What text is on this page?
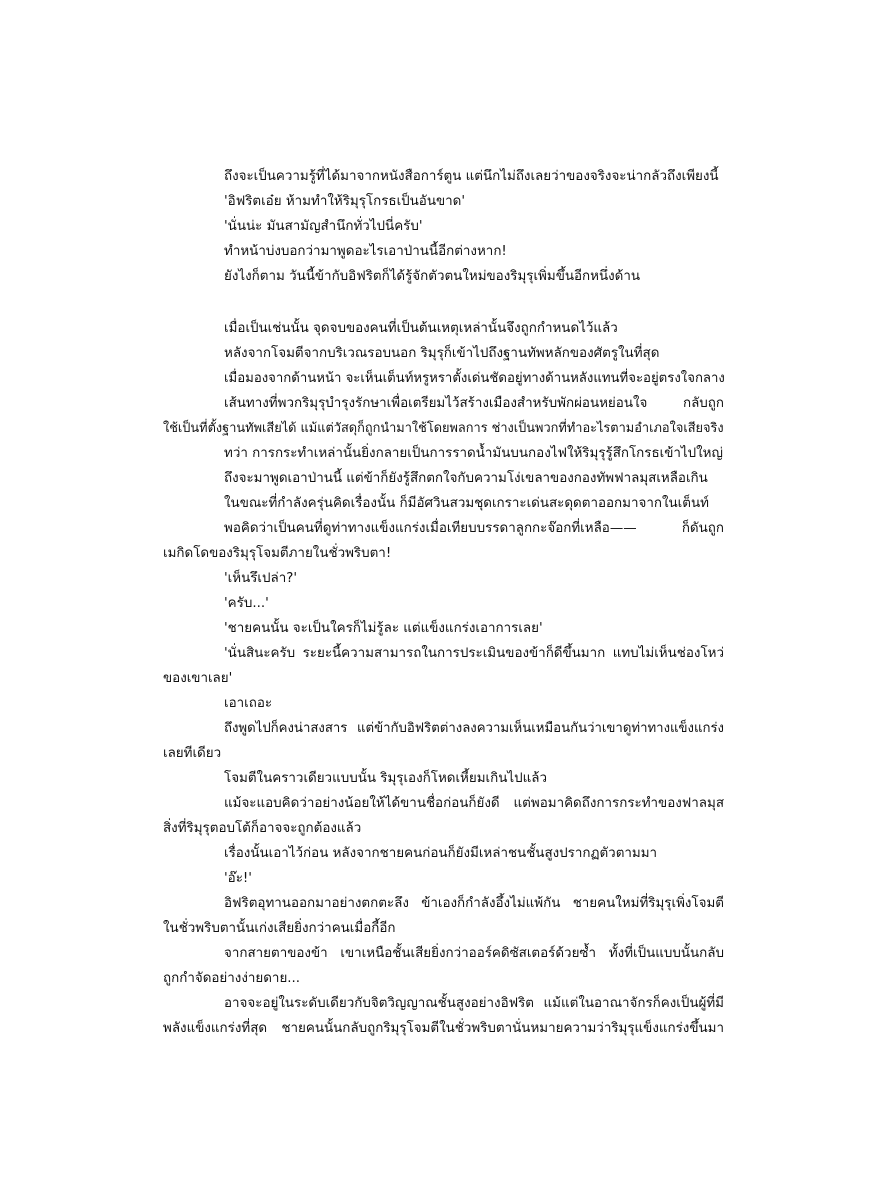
ถึงจะเป็นความรู้ที่ได้มาจากหนังสือการ์ตูน แต่นึกไม่ถึงเลยว่าของจริงจะน่ากลัวถึงเพียงนี้
'อิฟริตเอ๋ย ห้ามทำให้ริมุรุโกรธเป็นอันขาด'
'นั่นน่ะ มันสามัญสำนึกทั่วไปนี่ครับ'
ทำหน้าบ่งบอกว่ามาพูดอะไรเอาป่านนี้อีกต่างหาก!
ยังไงก็ตาม วันนี้ข้ากับอิฟริตก็ได้รู้จักตัวตนใหม่ของริมุรุเพิ่มขึ้นอีกหนึ่งด้าน
เมื่อเป็นเช่นนั้น จุดจบของคนที่เป็นต้นเหตุเหล่านั้นจึงถูกกำหนดไว้แล้ว
หลังจากโจมตีจากบริเวณรอบนอก ริมุรุก็เข้าไปถึงฐานทัพหลักของศัตรูในที่สุด
เมื่อมองจากด้านหน้า จะเห็นเต็นท์หรูหราตั้งเด่นชัดอยู่ทางด้านหลังแทนที่จะอยู่ตรงใจกลาง
เส้นทางที่พวกริมุรุบำรุงรักษาเพื่อเตรียมไว้สร้างเมืองสำหรับพักผ่อนหย่อนใจ กลับถูก
ใช้เป็นที่ตั้งฐานทัพเสียได้ แม้แต่วัสดุก็ถูกนำมาใช้โดยพลการ ช่างเป็นพวกที่ทำอะไรตามอำเภอใจเสียจริง
ทว่า การกระทำเหล่านั้นยิ่งกลายเป็นการราดน้ำมันบนกองไฟให้ริมุรุรู้สึกโกรธเข้าไปใหญ่
ถึงจะมาพูดเอาป่านนี้ แต่ข้าก็ยังรู้สึกตกใจกับความโง่เขลาของกองทัพฟาลมุสเหลือเกิน
ในขณะที่กำลังครุ่นคิดเรื่องนั้น ก็มีอัศวินสวมชุดเกราะเด่นสะดุดตาออกมาจากในเต็นท์
พอคิดว่าเป็นคนที่ดูท่าทางแข็งแกร่งเมื่อเทียบบรรดาลูกกะจ๊อกที่เหลือ—— ก็ดันถูก
เมกิดโดของริมุรุโจมตีภายในชั่วพริบตา!
'เห็นรึเปล่า?'
'ครับ...'
'ชายคนนั้น จะเป็นใครก็ไม่รู้ละ แต่แข็งแกร่งเอาการเลย'
'นั่นสินะครับ ระยะนี้ความสามารถในการประเมินของข้าก็ดีขึ้นมาก แทบไม่เห็นช่องโหว่
ของเขาเลย'
เอาเถอะ
ถึงพูดไปก็คงน่าสงสาร แต่ข้ากับอิฟริตต่างลงความเห็นเหมือนกันว่าเขาดูท่าทางแข็งแกร่ง
เลยทีเดียว
โจมตีในคราวเดียวแบบนั้น ริมุรุเองก็โหดเหี้ยมเกินไปแล้ว
แม้จะแอบคิดว่าอย่างน้อยให้ได้ขานชื่อก่อนก็ยังดี แต่พอมาคิดถึงการกระทำของฟาลมุส
สิ่งที่ริมุรุตอบโต้ก็อาจจะถูกต้องแล้ว
เรื่องนั้นเอาไว้ก่อน หลังจากชายคนก่อนก็ยังมีเหล่าชนชั้นสูงปรากฏตัวตามมา
'อ๊ะ!'
อิฟริตอุทานออกมาอย่างตกตะลึง ข้าเองก็กำลังอึ้งไม่แพ้กัน ชายคนใหม่ที่ริมุรุเพิ่งโจมตี
ในชั่วพริบตานั้นเก่งเสียยิ่งกว่าคนเมื่อกี้อีก
จากสายตาของข้า เขาเหนือชั้นเสียยิ่งกว่าออร์คดิซัสเตอร์ด้วยซ้ำ ทั้งที่เป็นแบบนั้นกลับ
ถูกกำจัดอย่างง่ายดาย...
อาจจะอยู่ในระดับเดียวกับจิตวิญญาณชั้นสูงอย่างอิฟริต แม้แต่ในอาณาจักรก็คงเป็นผู้ที่มี
พลังแข็งแกร่งที่สุด ชายคนนั้นกลับถูกริมุรุโจมตีในชั่วพริบตานั่นหมายความว่าริมุรุแข็งแกร่งขึ้นมา
